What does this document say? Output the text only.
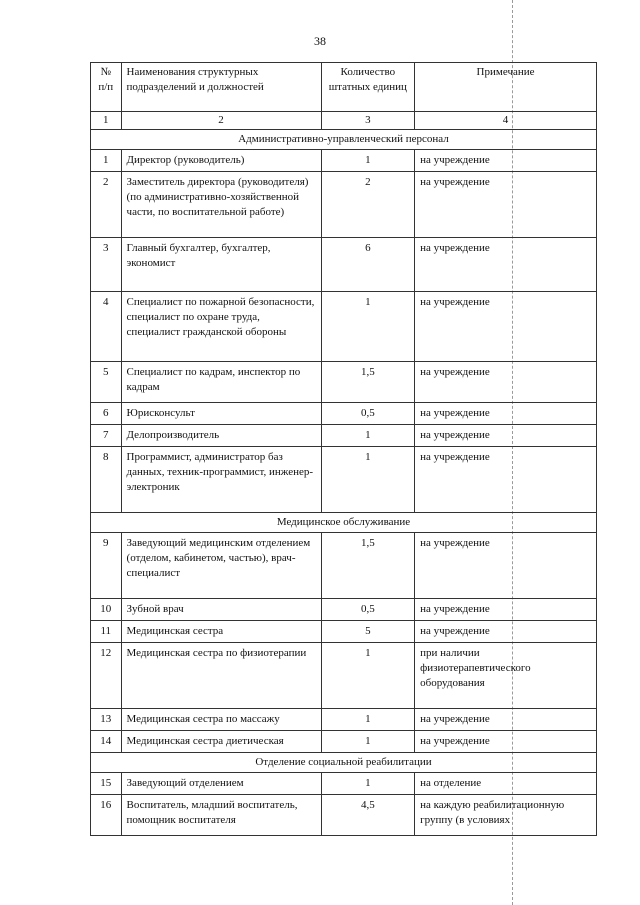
38
№ п/п	Наименования структурных подразделений и должностей	Количество штатных единиц	Примечание
1	2	3	4
Административно-управленческий персонал			
1	Директор (руководитель)	1	на учреждение
2	Заместитель директора (руководителя) (по административно-хозяйственной части, по воспитательной работе)	2	на учреждение
3	Главный бухгалтер, бухгалтер, экономист	6	на учреждение
4	Специалист по пожарной безопасности, специалист по охране труда, специалист гражданской обороны	1	на учреждение
5	Специалист по кадрам, инспектор по кадрам	1,5	на учреждение
6	Юрисконсульт	0,5	на учреждение
7	Делопроизводитель	1	на учреждение
8	Программист, администратор баз данных, техник-программист, инженер-электроник	1	на учреждение
Медицинское обслуживание			
9	Заведующий медицинским отделением (отделом, кабинетом, частью), врач-специалист	1,5	на учреждение
10	Зубной врач	0,5	на учреждение
11	Медицинская сестра	5	на учреждение
12	Медицинская сестра по физиотерапии	1	при наличии физиотерапевтического оборудования
13	Медицинская сестра по массажу	1	на учреждение
14	Медицинская сестра диетическая	1	на учреждение
Отделение социальной реабилитации			
15	Заведующий отделением	1	на отделение
16	Воспитатель, младший воспитатель, помощник воспитателя	4,5	на каждую реабилитационную группу (в условиях
